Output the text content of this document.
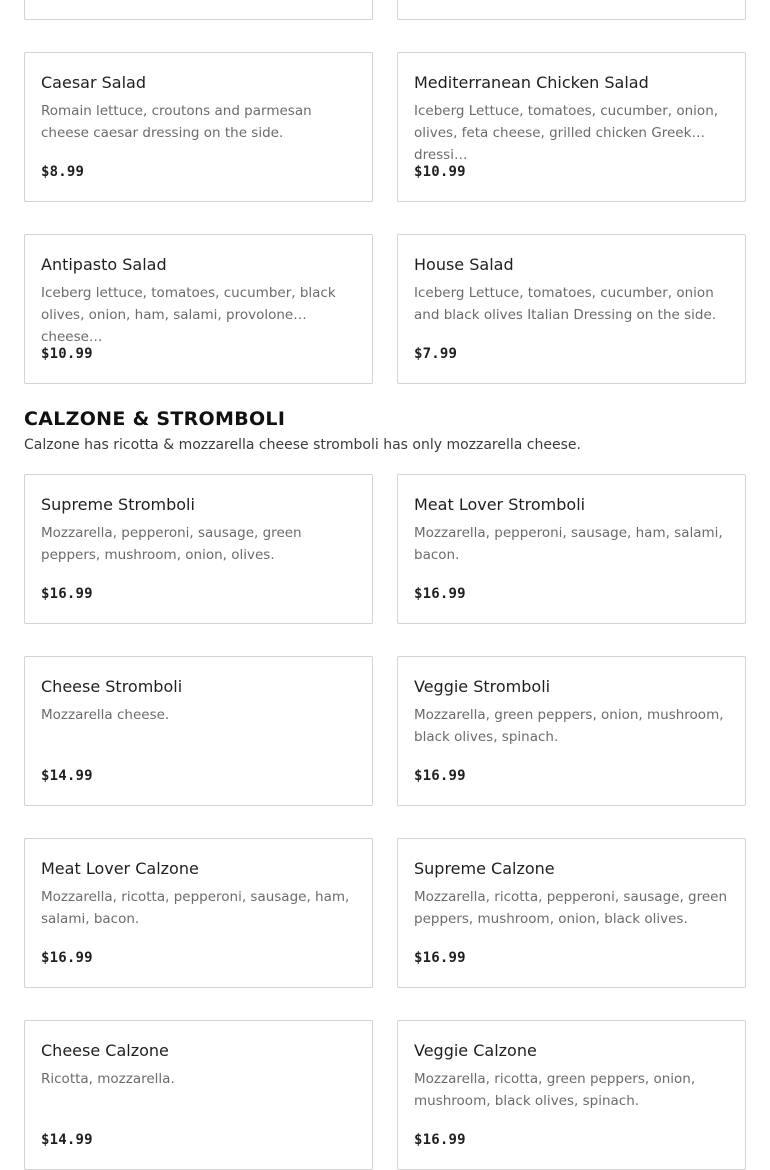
Caesar Salad
Romain lettuce, croutons and parmesan cheese caesar dressing on the side.
$8.99
Mediterranean Chicken Salad
Iceberg Lettuce, tomatoes, cucumber, onion, olives, feta cheese, grilled chicken Greek dressi…
$10.99
Antipasto Salad
Iceberg lettuce, tomatoes, cucumber, black olives, onion, ham, salami, provolone cheese…
$10.99
House Salad
Iceberg Lettuce, tomatoes, cucumber, onion and black olives Italian Dressing on the side.
$7.99
CALZONE & STROMBOLI
Calzone has ricotta & mozzarella cheese stromboli has only mozzarella cheese.
Supreme Stromboli
Mozzarella, pepperoni, sausage, green peppers, mushroom, onion, olives.
$16.99
Meat Lover Stromboli
Mozzarella, pepperoni, sausage, ham, salami, bacon.
$16.99
Cheese Stromboli
Mozzarella cheese.
$14.99
Veggie Stromboli
Mozzarella, green peppers, onion, mushroom, black olives, spinach.
$16.99
Meat Lover Calzone
Mozzarella, ricotta, pepperoni, sausage, ham, salami, bacon.
$16.99
Supreme Calzone
Mozzarella, ricotta, pepperoni, sausage, green peppers, mushroom, onion, black olives.
$16.99
Cheese Calzone
Ricotta, mozzarella.
$14.99
Veggie Calzone
Mozzarella, ricotta, green peppers, onion, mushroom, black olives, spinach.
$16.99
